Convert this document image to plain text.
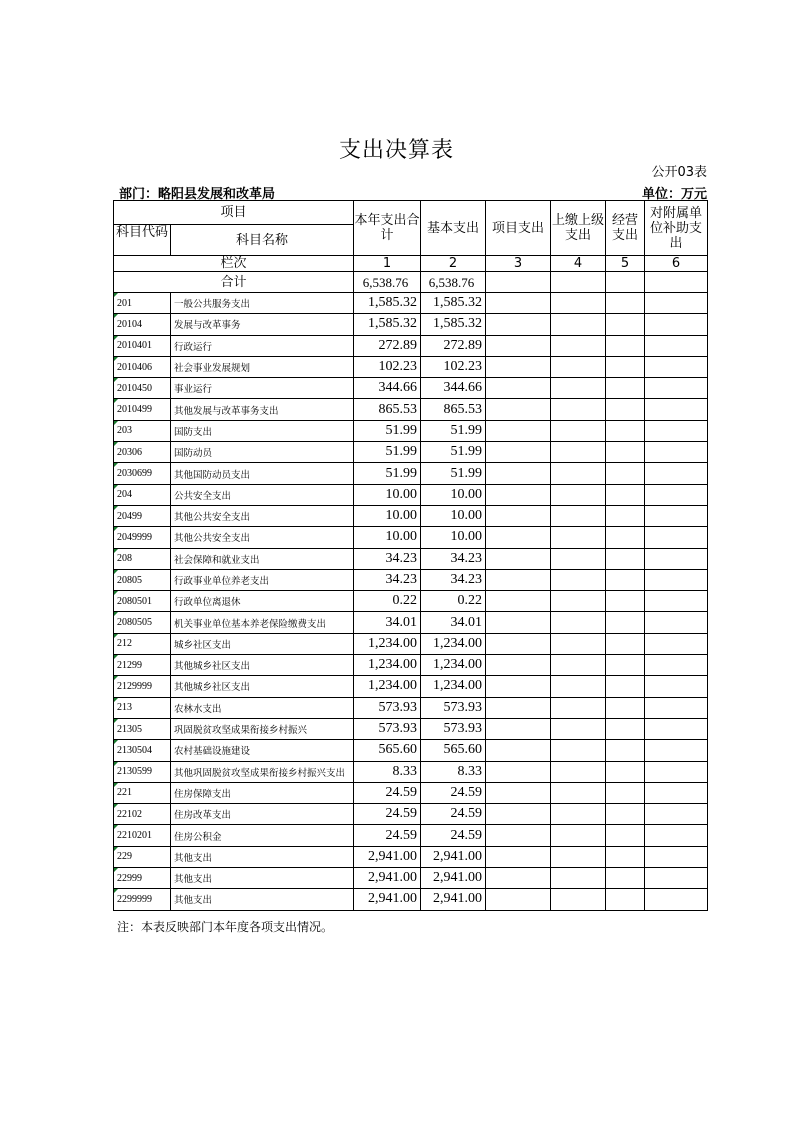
支出决算表
公开03表
部门：略阳县发展和改革局	单位：万元
项目		本年支出合计	基本支出	项目支出	上缴上级支出	经营支出	对附属单位补助支出
科目代码	科目名称						
栏次		1	2	3	4	5	6
合计		6,538.76	6,538.76				
201	一般公共服务支出	1,585.32	1,585.32				
20104	发展与改革事务	1,585.32	1,585.32				
2010401	行政运行	272.89	272.89				
2010406	社会事业发展规划	102.23	102.23				
2010450	事业运行	344.66	344.66				
2010499	其他发展与改革事务支出	865.53	865.53				
203	国防支出	51.99	51.99				
20306	国防动员	51.99	51.99				
2030699	其他国防动员支出	51.99	51.99				
204	公共安全支出	10.00	10.00				
20499	其他公共安全支出	10.00	10.00				
2049999	其他公共安全支出	10.00	10.00				
208	社会保障和就业支出	34.23	34.23				
20805	行政事业单位养老支出	34.23	34.23				
2080501	行政单位离退休	0.22	0.22				
2080505	机关事业单位基本养老保险缴费支出	34.01	34.01				
212	城乡社区支出	1,234.00	1,234.00				
21299	其他城乡社区支出	1,234.00	1,234.00				
2129999	其他城乡社区支出	1,234.00	1,234.00				
213	农林水支出	573.93	573.93				
21305	巩固脱贫攻坚成果衔接乡村振兴	573.93	573.93				
2130504	农村基础设施建设	565.60	565.60				
2130599	其他巩固脱贫攻坚成果衔接乡村振兴支出	8.33	8.33				
221	住房保障支出	24.59	24.59				
22102	住房改革支出	24.59	24.59				
2210201	住房公积金	24.59	24.59				
229	其他支出	2,941.00	2,941.00				
22999	其他支出	2,941.00	2,941.00				
2299999	其他支出	2,941.00	2,941.00				
注：本表反映部门本年度各项支出情况。
